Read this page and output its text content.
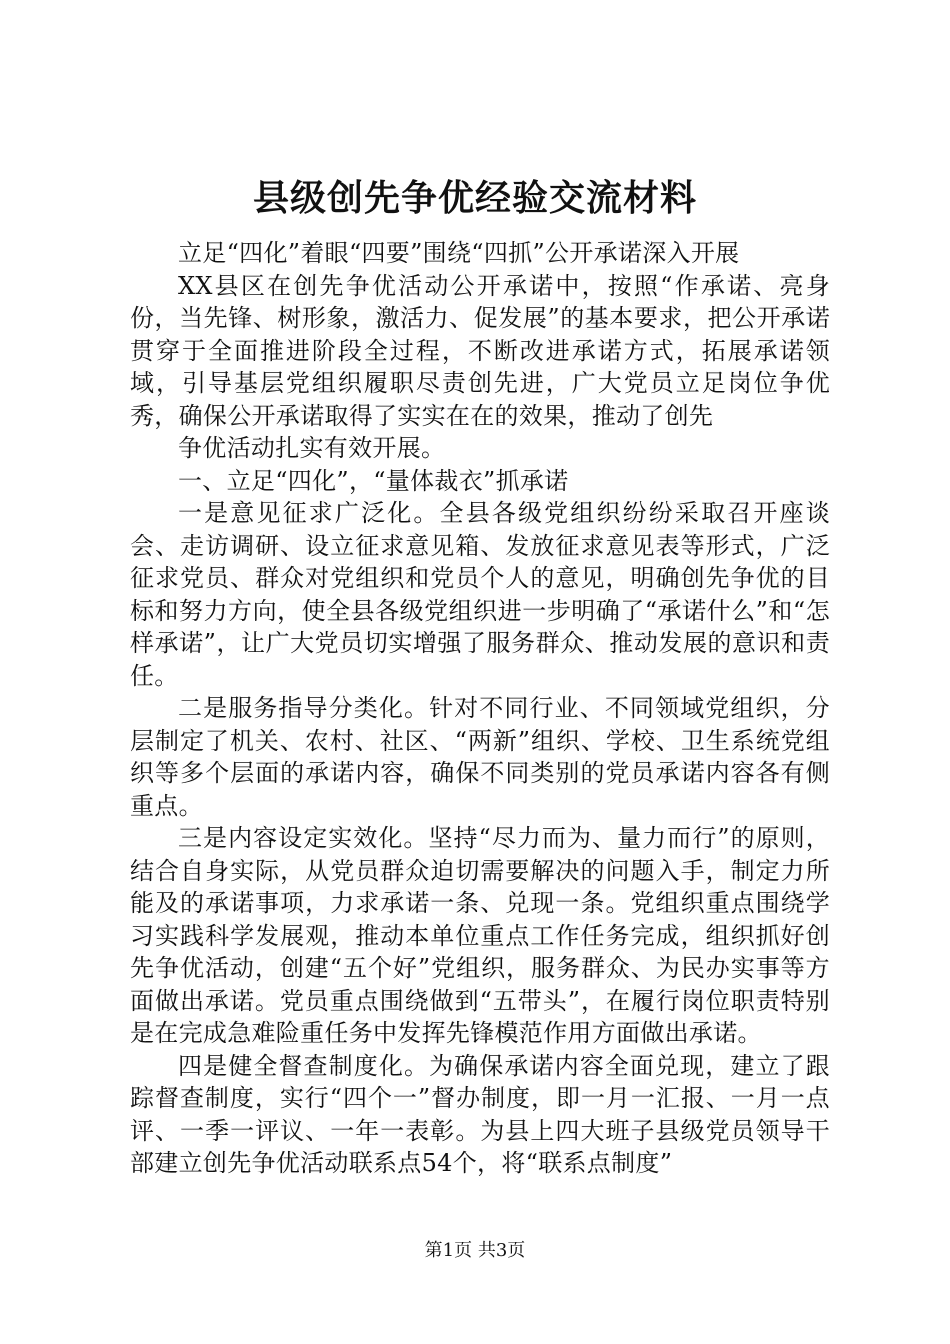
县级创先争优经验交流材料

立足“四化”着眼“四要”围绕“四抓”公开承诺深入开展

XX县区在创先争优活动公开承诺中，按照“作承诺、亮身份，当先锋、树形象，激活力、促发展”的基本要求，把公开承诺贯穿于全面推进阶段全过程，不断改进承诺方式，拓展承诺领域，引导基层党组织履职尽责创先进，广大党员立足岗位争优秀，确保公开承诺取得了实实在在的效果，推动了创先

争优活动扎实有效开展。

一、立足“四化”，“量体裁衣”抓承诺

一是意见征求广泛化。全县各级党组织纷纷采取召开座谈会、走访调研、设立征求意见箱、发放征求意见表等形式，广泛征求党员、群众对党组织和党员个人的意见，明确创先争优的目标和努力方向，使全县各级党组织进一步明确了“承诺什么”和“怎样承诺”，让广大党员切实增强了服务群众、推动发展的意识和责任。

二是服务指导分类化。针对不同行业、不同领域党组织，分层制定了机关、农村、社区、“两新”组织、学校、卫生系统党组织等多个层面的承诺内容，确保不同类别的党员承诺内容各有侧重点。

三是内容设定实效化。坚持“尽力而为、量力而行”的原则，结合自身实际，从党员群众迫切需要解决的问题入手，制定力所能及的承诺事项，力求承诺一条、兑现一条。党组织重点围绕学习实践科学发展观，推动本单位重点工作任务完成，组织抓好创先争优活动，创建“五个好”党组织，服务群众、为民办实事等方面做出承诺。党员重点围绕做到“五带头”，在履行岗位职责特别是在完成急难险重任务中发挥先锋模范作用方面做出承诺。

四是健全督查制度化。为确保承诺内容全面兑现，建立了跟踪督查制度，实行“四个一”督办制度，即一月一汇报、一月一点评、一季一评议、一年一表彰。为县上四大班子县级党员领导干部建立创先争优活动联系点54个，将“联系点制度”

第1页 共3页
